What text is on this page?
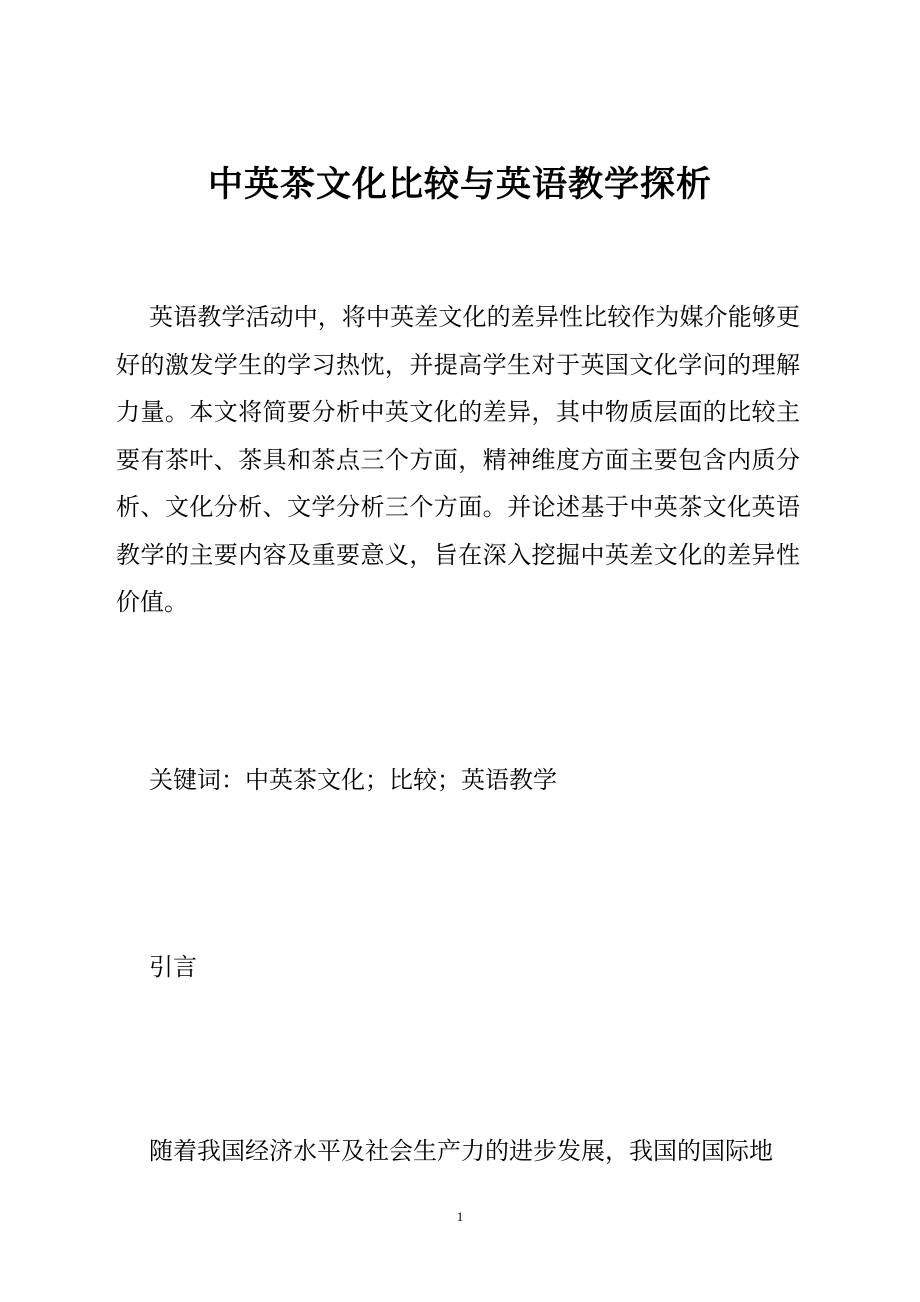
中英茶文化比较与英语教学探析

英语教学活动中，将中英差文化的差异性比较作为媒介能够更好的激发学生的学习热忱，并提高学生对于英国文化学问的理解力量。本文将简要分析中英文化的差异，其中物质层面的比较主要有茶叶、茶具和茶点三个方面，精神维度方面主要包含内质分析、文化分析、文学分析三个方面。并论述基于中英茶文化英语教学的主要内容及重要意义，旨在深入挖掘中英差文化的差异性价值。

关键词：中英茶文化；比较；英语教学

引言

随着我国经济水平及社会生产力的进步发展，我国的国际地

1
